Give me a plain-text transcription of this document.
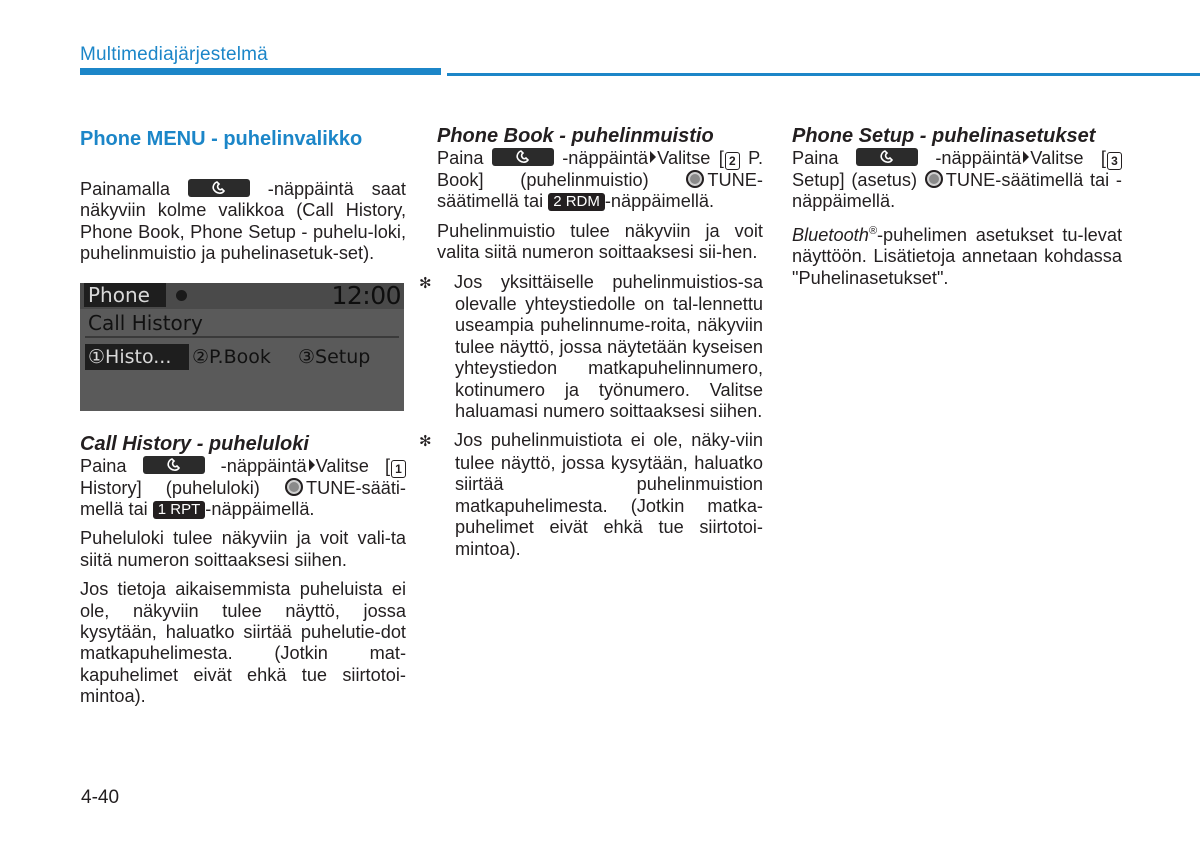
Multimediajärjestelmä
Phone MENU - puhelinvalikko

Painamalla	-näppäintä saat näkyviin kolme valikkoa (Call History, Phone Book, Phone Setup - puhelu-loki, puhelinmuistio ja puhelinasetuk-set).

Phone	12:00
Call History
①Histo...	②P.Book ③Setup
Call History - puheluloki

Paina	-näppäintä Valitse [ 1 History] (puheluloki) TUNE-sääti-mellä tai 1 RPT -näppäimellä.

Puheluloki tulee näkyviin ja voit vali-ta siitä numeron soittaaksesi siihen.

Jos tietoja aikaisemmista puheluista ei ole, näkyviin tulee näyttö, jossa kysytään, haluatko siirtää puhelutie-dot matkapuhelimesta. (Jotkin mat-kapuhelimet eivät ehkä tue siirtotoi-mintoa).

Phone Book - puhelinmuistio

Paina	-näppäintä Valitse [ 2 P. Book] (puhelinmuistio) TUNE-säätimellä tai 2 RDM -näppäimellä.

Puhelinmuistio tulee näkyviin ja voit valita siitä numeron soittaaksesi sii-hen.

✻ Jos yksittäiselle puhelinmuistios-sa olevalle yhteystiedolle on tal-lennettu useampia puhelinnume-roita, näkyviin tulee näyttö, jossa näytetään kyseisen yhteystiedon matkapuhelinnumero, kotinumero ja työnumero. Valitse haluamasi numero soittaaksesi siihen.

✻ Jos puhelinmuistiota ei ole, näky-viin tulee näyttö, jossa kysytään, haluatko siirtää puhelinmuistion matkapuhelimesta. (Jotkin matka-puhelimet eivät ehkä tue siirtotoi-mintoa).

Phone Setup - puhelinasetukset

Paina	-näppäintä Valitse [ 3 Setup] (asetus) TUNE-säätimellä tai -näppäimellä.

Bluetooth®-puhelimen asetukset tu-levat näyttöön. Lisätietoja annetaan kohdassa "Puhelinasetukset".

4-40
